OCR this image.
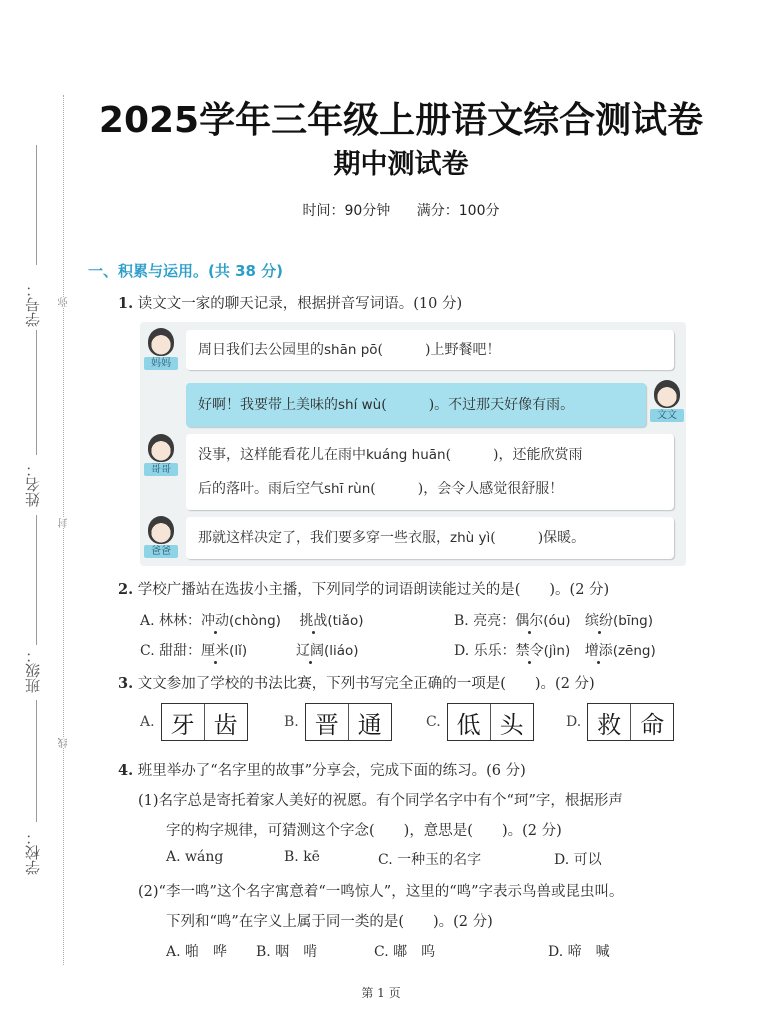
学号：
姓名：
班级：
学校：
弥
封
线
2025学年三年级上册语文综合测试卷
期中测试卷
时间：90分钟 满分：100分
一、积累与运用。(共 38 分)
1. 读文文一家的聊天记录，根据拼音写词语。(10 分)
妈妈
周日我们去公园里的shān pō(　　　)上野餐吧！
好啊！我要带上美味的shí wù(　　　)。不过那天好像有雨。
文文
哥哥
没事，这样能看花儿在雨中kuáng huān(　　　)，还能欣赏雨
后的落叶。雨后空气shī rùn(　　　)，会令人感觉很舒服！
爸爸
那就这样决定了，我们要多穿一些衣服，zhù yì(　　　)保暖。
2. 学校广播站在选拔小主播，下列同学的词语朗读能过关的是(　　)。(2 分)
A. 林林：冲动(chòng) 挑战(tiǎo)	B. 亮亮：偶尔(óu) 缤纷(bīng)
C. 甜甜：厘米(lǐ)	辽阔(liáo)	D. 乐乐：禁令(jìn) 增添(zēng)
3. 文文参加了学校的书法比赛，下列书写完全正确的一项是(　　)。(2 分)
A. 牙 齿	B. 晋 通	C. 低 头	D. 救 命
4. 班里举办了“名字里的故事”分享会，完成下面的练习。(6 分)
(1)名字总是寄托着家人美好的祝愿。有个同学名字中有个“珂”字，根据形声
字的构字规律，可猜测这个字念(　　)，意思是(　　)。(2 分)
A. wáng	B. kē	C. 一种玉的名字	D. 可以
(2)“李一鸣”这个名字寓意着“一鸣惊人”，这里的“鸣”字表示鸟兽或昆虫叫。
下列和“鸣”在字义上属于同一类的是(　　)。(2 分)
A. 啪　哗 B. 咽　啃	C. 嘟　呜	D. 啼　喊
第 1 页
